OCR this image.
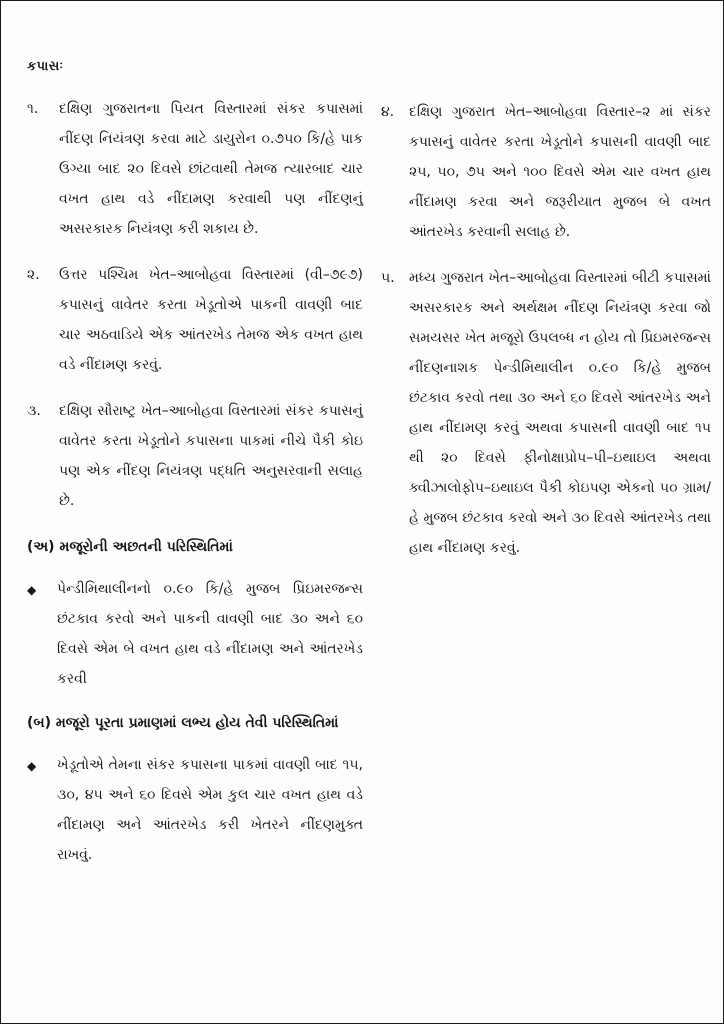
કપાસઃ
૧.	દક્ષિણ ગુજરાતના પિયત વિસ્તારમાં સંકર કપાસમાં નીંદણ નિયંત્રણ કરવા માટે ડાયુરોન ૦.૭૫૦ કિ/હે પાક ઉગ્યા બાદ ૨૦ દિવસે છાંટવાથી તેમજ ત્યારબાદ ચાર વખત હાથ વડે નીંદામણ કરવાથી પણ નીંદણનું અસરકારક નિયંત્રણ કરી શકાય છે.
૨.	ઉત્તર પશ્ચિમ ખેત–આબોહવા વિસ્તારમાં (વી–૭૯૭) કપાસનું વાવેતર કરતા ખેડૂતોએ પાકની વાવણી બાદ ચાર અઠવાડિયે એક આંતરખેડ તેમજ એક વખત હાથ વડે નીંદામણ કરવું.
૩.	દક્ષિણ સૌરાષ્ટ્ર ખેત–આબોહવા વિસ્તારમાં સંકર કપાસનું વાવેતર કરતા ખેડૂતોને કપાસના પાકમાં નીચે પૈકી કોઇ પણ એક નીંદણ નિયંત્રણ પદ્ધતિ અનુસરવાની સલાહ છે.
(અ) મજૂરોની અછતની પરિસ્થિતિમાં
◆	પેન્ડીમિથાલીનનો ૦.૯૦ કિ/હે મુજબ પ્રિઇમરજન્સ છંટકાવ કરવો અને પાકની વાવણી બાદ ૩૦ અને ૬૦ દિવસે એમ બે વખત હાથ વડે નીંદામણ અને આંતરખેડ કરવી
(બ) મજૂરો પૂરતા પ્રમાણમાં લભ્ય હોય તેવી પરિસ્થિતિમાં
◆	ખેડૂતોએ તેમના સંકર કપાસના પાકમાં વાવણી બાદ ૧૫, ૩૦, ૪૫ અને ૬૦ દિવસે એમ કુલ ચાર વખત હાથ વડે નીંદામણ અને આંતરખેડ કરી ખેતરને નીંદણમુક્ત રાખવું.
૪.	દક્ષિણ ગુજરાત ખેત–આબોહવા વિસ્તાર–૨ માં સંકર કપાસનું વાવેતર કરતા ખેડૂતોને કપાસની વાવણી બાદ ૨૫, ૫૦, ૭૫ અને ૧૦૦ દિવસે એમ ચાર વખત હાથ નીંદામણ કરવા અને જરૂરીયાત મુજબ બે વખત આંતરખેડ કરવાની સલાહ છે.
૫.	મધ્ય ગુજરાત ખેત–આબોહવા વિસ્તારમાં બીટી કપાસમાં અસરકારક અને અર્થક્ષમ નીંદણ નિયંત્રણ કરવા જો સમયસર ખેત મજૂરો ઉપલબ્ધ ન હોય તો પ્રિઇમરજન્સ નીંદણનાશક પેન્ડીમિથાલીન ૦.૯૦ કિ/હે મુજબ છંટકાવ કરવો તથા ૩૦ અને ૬૦ દિવસે આંતરખેડ અને હાથ નીંદામણ કરવું અથવા કપાસની વાવણી બાદ ૧૫ થી ૨૦ દિવસે ફીનોક્ષાપ્રોપ–પી–ઇથાઇલ અથવા ક્વીઝાલોફોપ–ઇથાઇલ પૈકી કોઇપણ એકનો ૫૦ ગ્રામ/હે મુજબ છંટકાવ કરવો અને ૩૦ દિવસે આંતરખેડ તથા હાથ નીંદામણ કરવું.
